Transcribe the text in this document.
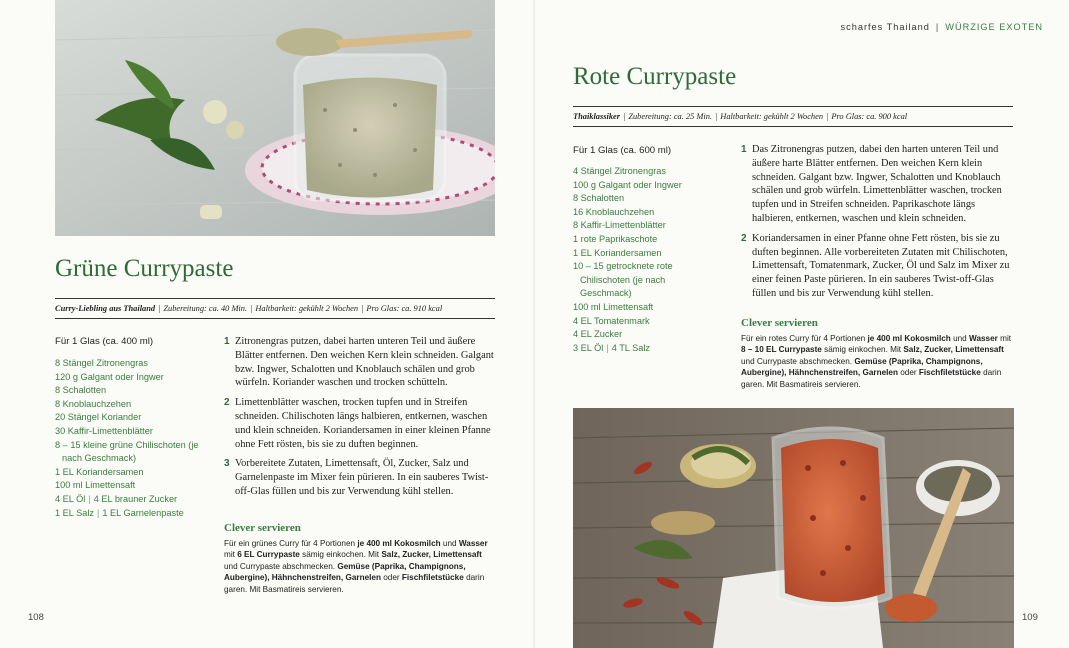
Grüne Currypaste
Curry-Liebling aus Thailand | Zubereitung: ca. 40 Min. | Haltbarkeit: gekühlt 2 Wochen | Pro Glas: ca. 910 kcal
Für 1 Glas (ca. 400 ml)
8 Stängel Zitronengras
120 g Galgant oder Ingwer
8 Schalotten
8 Knoblauchzehen
20 Stängel Koriander
30 Kaffir-Limettenblätter
8 – 15 kleine grüne Chilischoten (je nach Geschmack)
1 EL Koriandersamen
100 ml Limettensaft
4 EL Öl | 4 EL brauner Zucker
1 EL Salz | 1 EL Garnelenpaste
1 Zitronengras putzen, dabei harten unteren Teil und äußere Blätter entfernen. Den weichen Kern klein schneiden. Galgant bzw. Ingwer, Schalotten und Knoblauch schälen und grob würfeln. Koriander waschen und trocken schütteln.
2 Limettenblätter waschen, trocken tupfen und in Streifen schneiden. Chilischoten längs halbieren, entkernen, waschen und klein schneiden. Koriandersamen in einer kleinen Pfanne ohne Fett rösten, bis sie zu duften beginnen.
3 Vorbereitete Zutaten, Limettensaft, Öl, Zucker, Salz und Garnelenpaste im Mixer fein pürieren. In ein sauberes Twist-off-Glas füllen und bis zur Verwendung kühl stellen.
Clever servieren
Für ein grünes Curry für 4 Portionen je 400 ml Kokosmilch und Wasser mit 6 EL Currypaste sämig einkochen. Mit Salz, Zucker, Limettensaft und Currypaste abschmecken. Gemüse (Paprika, Champignons, Aubergine), Hähnchenstreifen, Garnelen oder Fischfiletstücke darin garen. Mit Basmatireis servieren.
108
scharfes Thailand | WÜRZIGE EXOTEN
Rote Currypaste
Thaiklassiker | Zubereitung: ca. 25 Min. | Haltbarkeit: gekühlt 2 Wochen | Pro Glas: ca. 900 kcal
Für 1 Glas (ca. 600 ml)
4 Stängel Zitronengras
100 g Galgant oder Ingwer
8 Schalotten
16 Knoblauchzehen
8 Kaffir-Limettenblätter
1 rote Paprikaschote
1 EL Koriandersamen
10 – 15 getrocknete rote Chilischoten (je nach Geschmack)
100 ml Limettensaft
4 EL Tomatenmark
4 EL Zucker
3 EL Öl | 4 TL Salz
1 Das Zitronengras putzen, dabei den harten unteren Teil und äußere harte Blätter entfernen. Den weichen Kern klein schneiden. Galgant bzw. Ingwer, Schalotten und Knoblauch schälen und grob würfeln. Limettenblätter waschen, trocken tupfen und in Streifen schneiden. Paprikaschote längs halbieren, entkernen, waschen und klein schneiden.
2 Koriandersamen in einer Pfanne ohne Fett rösten, bis sie zu duften beginnen. Alle vorbereiteten Zutaten mit Chilischoten, Limettensaft, Tomatenmark, Zucker, Öl und Salz im Mixer zu einer feinen Paste pürieren. In ein sauberes Twist-off-Glas füllen und bis zur Verwendung kühl stellen.
Clever servieren
Für ein rotes Curry für 4 Portionen je 400 ml Kokosmilch und Wasser mit 8 – 10 EL Currypaste sämig einkochen. Mit Salz, Zucker, Limettensaft und Currypaste abschmecken. Gemüse (Paprika, Champignons, Aubergine), Hähnchenstreifen, Garnelen oder Fischfiletstücke darin garen. Mit Basmatireis servieren.
109
